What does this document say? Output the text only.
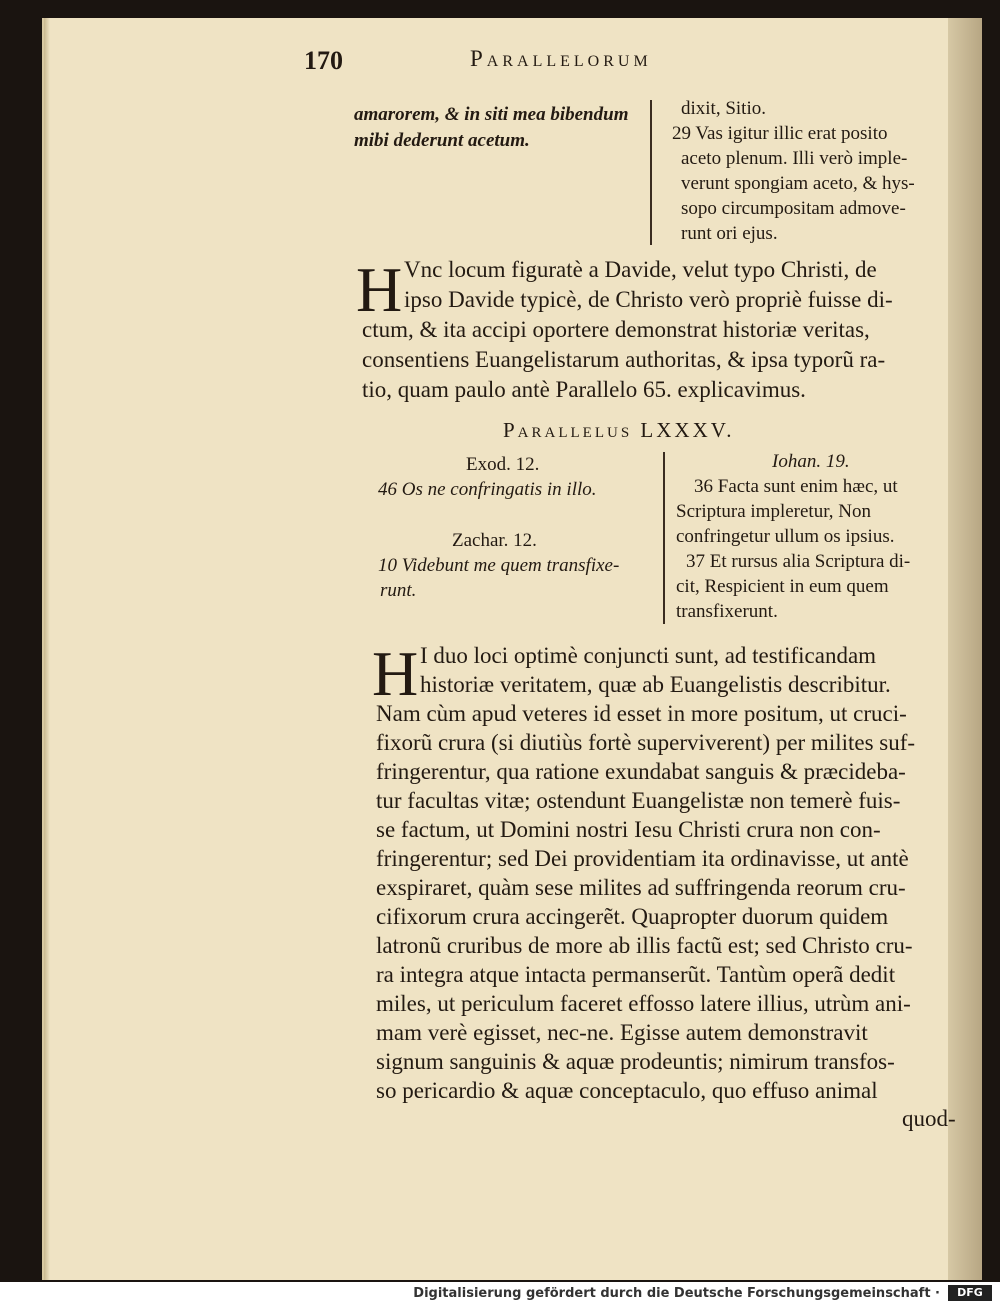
170	Parallelorum
amarorem, & in siti mea bibendum
mibi dederunt acetum.
dixit, Sitio.
29 Vas igitur illic erat posito
aceto plenum. Illi verò imple-
verunt spongiam aceto, & hys-
sopo circumpositam admove-
runt ori ejus.
H Vnc locum figuratè a Davide, velut typo Christi, de
ipso Davide typicè, de Christo verò propriè fuisse di-
ctum, & ita accipi oportere demonstrat historiæ veritas,
consentiens Euangelistarum authoritas, & ipsa typorũ ra-
tio, quam paulo antè Parallelo 65. explicavimus.
Parallelus LXXXV.
Exod. 12.
46 Os ne confringatis in illo.
Zachar. 12.
10 Videbunt me quem transfixe-
runt.
Iohan. 19.
36 Facta sunt enim hæc, ut
Scriptura impleretur, Non
confringetur ullum os ipsius.
37 Et rursus alia Scriptura di-
cit, Respicient in eum quem
transfixerunt.
H I duo loci optimè conjuncti sunt, ad testificandam
historiæ veritatem, quæ ab Euangelistis describitur.
Nam cùm apud veteres id esset in more positum, ut cruci-
fixorũ crura (si diutiùs fortè superviverent) per milites suf-
fringerentur, qua ratione exundabat sanguis & præcideba-
tur facultas vitæ; ostendunt Euangelistæ non temerè fuis-
se factum, ut Domini nostri Iesu Christi crura non con-
fringerentur; sed Dei providentiam ita ordinavisse, ut antè
exspiraret, quàm sese milites ad suffringenda reorum cru-
cifixorum crura accingerẽt. Quapropter duorum quidem
latronũ cruribus de more ab illis factũ est; sed Christo cru-
ra integra atque intacta permanserũt. Tantùm operã dedit
miles, ut periculum faceret effosso latere illius, utrùm ani-
mam verè egisset, nec-ne. Egisse autem demonstravit
signum sanguinis & aquæ prodeuntis; nimirum transfos-
so pericardio & aquæ conceptaculo, quo effuso animal
quod-
Digitalisierung gefördert durch die Deutsche Forschungsgemeinschaft ·	DFG
